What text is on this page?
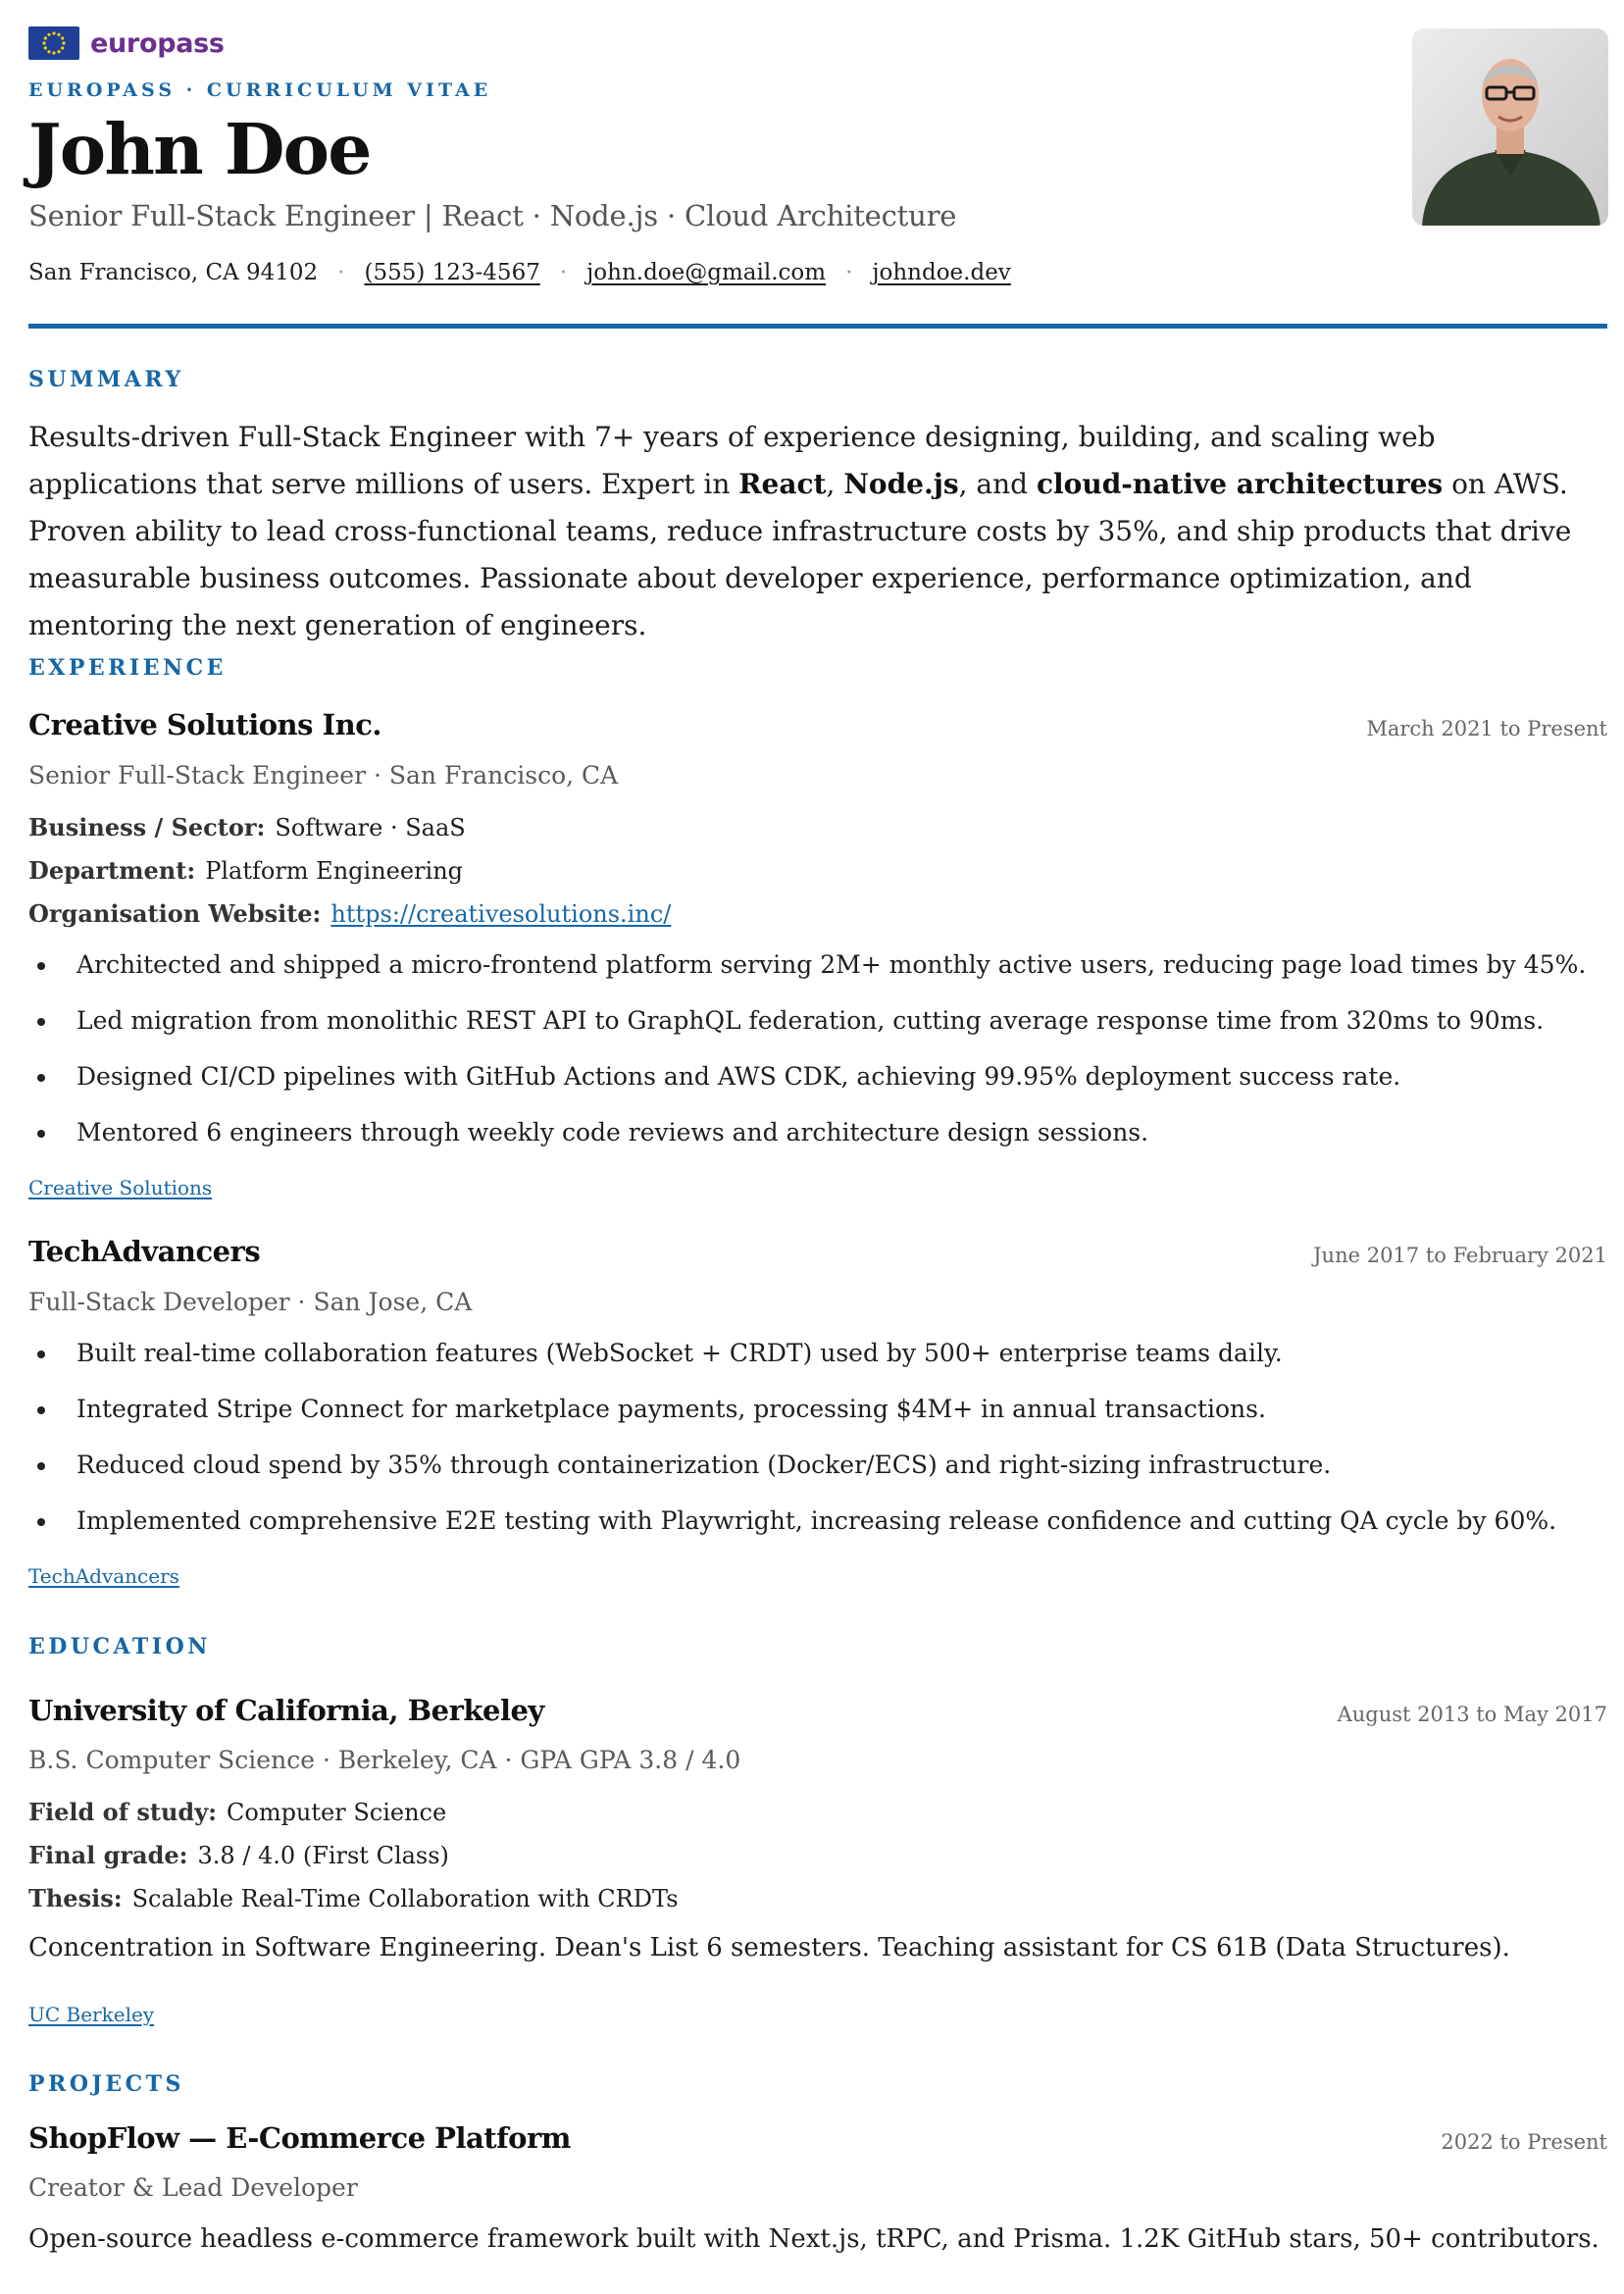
europass
EUROPASS · CURRICULUM VITAE
John Doe
Senior Full-Stack Engineer | React · Node.js · Cloud Architecture
San Francisco, CA 94102 · (555) 123-4567 · john.doe@gmail.com · johndoe.dev
SUMMARY

Results-driven Full-Stack Engineer with 7+ years of experience designing, building, and scaling web applications that serve millions of users. Expert in React, Node.js, and cloud-native architectures on AWS. Proven ability to lead cross-functional teams, reduce infrastructure costs by 35%, and ship products that drive measurable business outcomes. Passionate about developer experience, performance optimization, and mentoring the next generation of engineers.

EXPERIENCE
Creative Solutions Inc.	March 2021 to Present
Senior Full-Stack Engineer · San Francisco, CA
Business / Sector: Software · SaaS
Department: Platform Engineering
Organisation Website: https://creativesolutions.inc/
Architected and shipped a micro-frontend platform serving 2M+ monthly active users, reducing page load times by 45%.
Led migration from monolithic REST API to GraphQL federation, cutting average response time from 320ms to 90ms.
Designed CI/CD pipelines with GitHub Actions and AWS CDK, achieving 99.95% deployment success rate.
Mentored 6 engineers through weekly code reviews and architecture design sessions.
Creative Solutions
TechAdvancers	June 2017 to February 2021
Full-Stack Developer · San Jose, CA
Built real-time collaboration features (WebSocket + CRDT) used by 500+ enterprise teams daily.
Integrated Stripe Connect for marketplace payments, processing $4M+ in annual transactions.
Reduced cloud spend by 35% through containerization (Docker/ECS) and right-sizing infrastructure.
Implemented comprehensive E2E testing with Playwright, increasing release confidence and cutting QA cycle by 60%.
TechAdvancers
EDUCATION
University of California, Berkeley	August 2013 to May 2017
B.S. Computer Science · Berkeley, CA · GPA GPA 3.8 / 4.0
Field of study: Computer Science
Final grade: 3.8 / 4.0 (First Class)
Thesis: Scalable Real-Time Collaboration with CRDTs
Concentration in Software Engineering. Dean's List 6 semesters. Teaching assistant for CS 61B (Data Structures).
UC Berkeley
PROJECTS
ShopFlow — E-Commerce Platform	2022 to Present
Creator & Lead Developer
Open-source headless e-commerce framework built with Next.js, tRPC, and Prisma. 1.2K GitHub stars, 50+ contributors.
